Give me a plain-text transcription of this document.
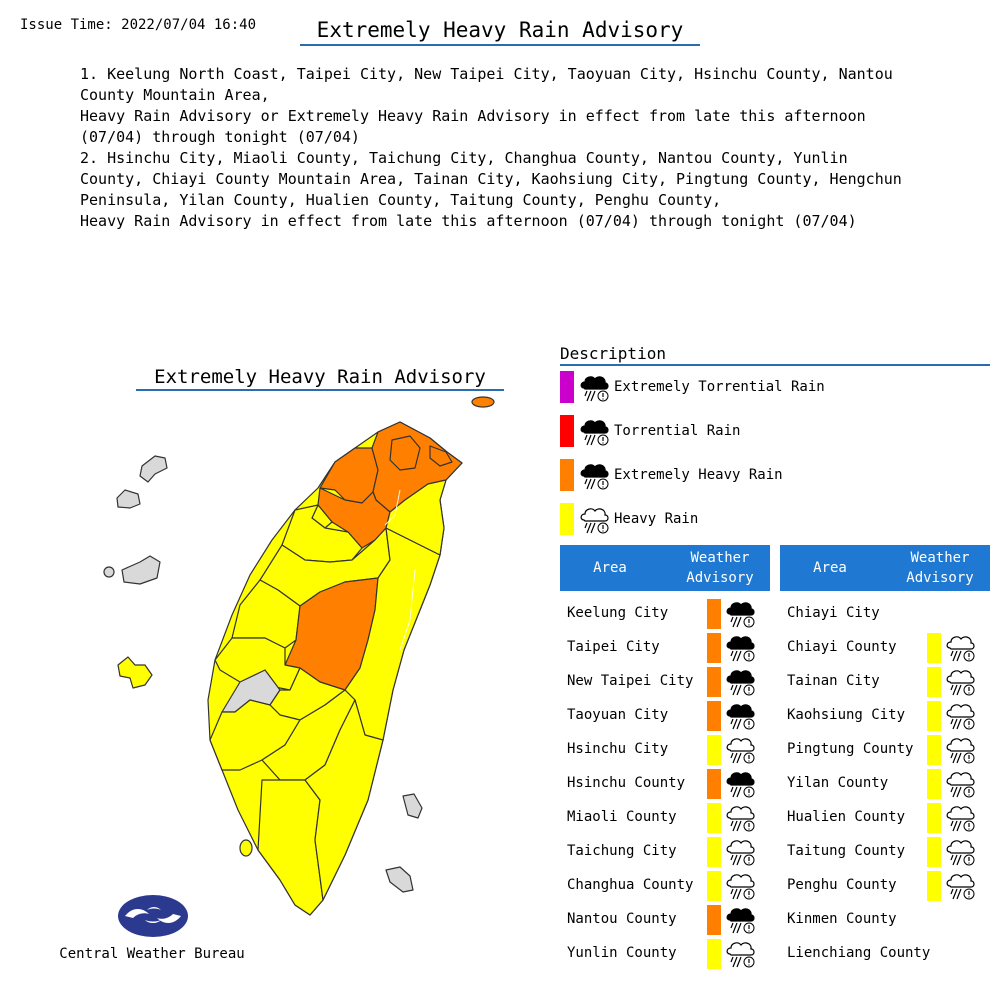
Issue Time: 2022/07/04 16:40	Extremely Heavy Rain Advisory
1. Keelung North Coast, Taipei City, New Taipei City, Taoyuan City, Hsinchu County, Nantou
County Mountain Area,
Heavy Rain Advisory or Extremely Heavy Rain Advisory in effect from late this afternoon
(07/04) through tonight (07/04)
2. Hsinchu City, Miaoli County, Taichung City, Changhua County, Nantou County, Yunlin
County, Chiayi County Mountain Area, Tainan City, Kaohsiung City, Pingtung County, Hengchun
Peninsula, Yilan County, Hualien County, Taitung County, Penghu County,
Heavy Rain Advisory in effect from late this afternoon (07/04) through tonight (07/04)
Extremely Heavy Rain Advisory
Central Weather Bureau
Description
Extremely Torrential Rain
Torrential Rain
Extremely Heavy Rain
Heavy Rain
Area
Weather
Advisory
Keelung City
Taipei City
New Taipei City
Taoyuan City
Hsinchu City
Hsinchu County
Miaoli County
Taichung City
Changhua County
Nantou County
Yunlin County
Area
Weather
Advisory
Chiayi City
Chiayi County
Tainan City
Kaohsiung City
Pingtung County
Yilan County
Hualien County
Taitung County
Penghu County
Kinmen County
Lienchiang County
